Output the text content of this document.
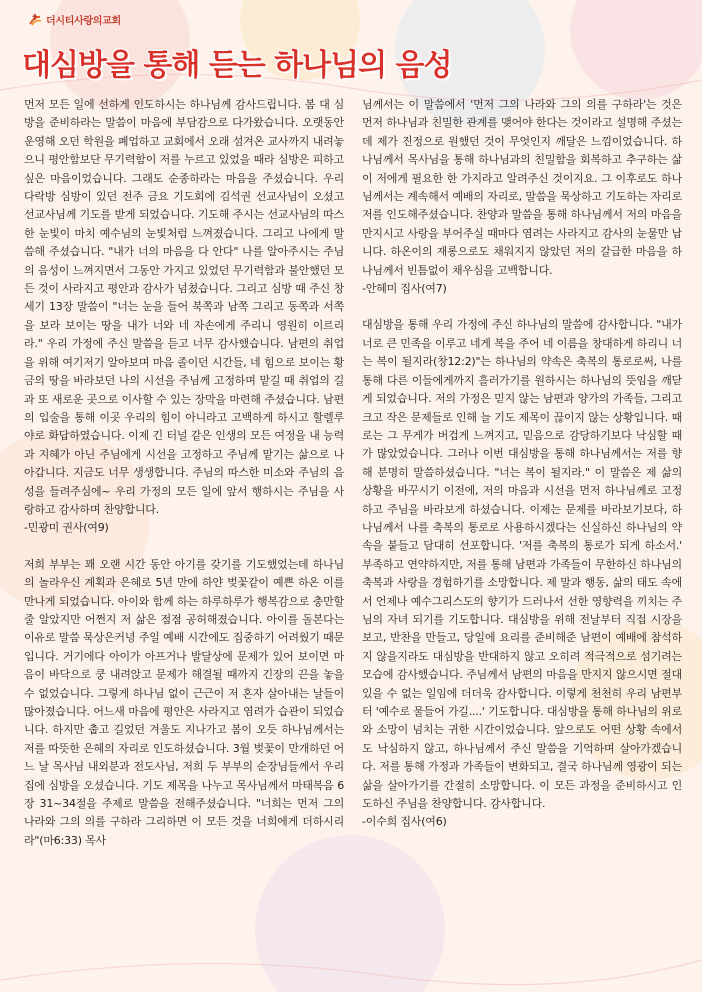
더시티사랑의교회
대심방을 통해 듣는 하나님의 음성

먼저 모든 일에 선하게 인도하시는 하나님께 감사드립니다. 봄 대 심방을 준비하라는 말씀이 마음에 부담감으로 다가왔습니다. 오랫동안 운영해 오던 학원을 폐업하고 교회에서 오래 섬겨온 교사까지 내려놓으니 평안함보단 무기력함이 저를 누르고 있었을 때라 심방은 피하고 싶은 마음이었습니다. 그래도 순종하라는 마음을 주셨습니다. 우리 다락방 심방이 있던 전주 금요 기도회에 김석권 선교사님이 오셨고 선교사님께 기도를 받게 되었습니다. 기도해 주시는 선교사님의 따스한 눈빛이 마치 예수님의 눈빛처럼 느껴졌습니다. 그리고 나에게 말씀해 주셨습니다. "내가 너의 마음을 다 안다" 나를 알아주시는 주님의 음성이 느껴지면서 그동안 가지고 있었던 무기력함과 불안했던 모든 것이 사라지고 평안과 감사가 넘쳤습니다. 그리고 심방 때 주신 창세기 13장 말씀이 "너는 눈을 들어 북쪽과 남쪽 그리고 동쪽과 서쪽을 보라 보이는 땅을 내가 너와 네 자손에게 주리니 영원히 이르리라." 우리 가정에 주신 말씀을 듣고 너무 감사했습니다. 남편의 취업을 위해 여기저기 알아보며 마음 졸이던 시간들, 네 힘으로 보이는 황금의 땅을 바라보던 나의 시선을 주님께 고정하며 맡길 때 취업의 길과 또 새로운 곳으로 이사할 수 있는 장막을 마련해 주셨습니다. 남편의 입술을 통해 이곳 우리의 힘이 아니라고 고백하게 하시고 할렐루야로 화답하였습니다. 이제 긴 터널 같은 인생의 모든 여정을 내 능력과 지혜가 아닌 주님에게 시선을 고정하고 주님께 맡기는 삶으로 나아갑니다. 지금도 너무 생생합니다. 주님의 따스한 미소와 주님의 음성을 들려주심에~ 우리 가정의 모든 일에 앞서 행하시는 주님을 사랑하고 감사하며 찬양합니다.

-민광미 권사(여9)

저희 부부는 꽤 오랜 시간 동안 아기를 갖기를 기도했었는데 하나님의 놀라우신 계획과 은혜로 5년 만에 하얀 벚꽃같이 예쁜 하온 이를 만나게 되었습니다. 아이와 함께 하는 하루하루가 행복감으로 충만할 줄 알았지만 어쩐지 저 삶은 점점 공허해졌습니다. 아이를 돌본다는 이유로 말씀 묵상은커녕 주일 예배 시간에도 집중하기 어려웠기 때문입니다. 거기에다 아이가 아프거나 발달상에 문제가 있어 보이면 마음이 바닥으로 쿵 내려앉고 문제가 해결될 때까지 긴장의 끈을 놓을 수 없었습니다. 그렇게 하나님 없이 근근이 저 혼자 살아내는 날들이 많아졌습니다. 어느새 마음에 평안은 사라지고 염려가 습관이 되었습니다. 하지만 춥고 길었던 겨울도 지나가고 봄이 오듯 하나님께서는 저를 따뜻한 은혜의 자리로 인도하셨습니다. 3월 벚꽃이 만개하던 어느 날 목사님 내외분과 전도사님, 저희 두 부부의 순장님들께서 우리 집에 심방을 오셨습니다. 기도 제목을 나누고 목사님께서 마태복음 6장 31~34절을 주제로 말씀을 전해주셨습니다. "너희는 먼저 그의 나라와 그의 의를 구하라 그리하면 이 모든 것을 너희에게 더하시리라"(마6:33) 목사

님께서는 이 말씀에서 '먼저 그의 나라와 그의 의를 구하라'는 것은 먼저 하나님과 친밀한 관계를 맺어야 한다는 것이라고 설명해 주셨는데 제가 진정으로 원했던 것이 무엇인지 깨달은 느낌이었습니다. 하나님께서 목사님을 통해 하나님과의 친밀함을 회복하고 추구하는 삶이 저에게 필요한 한 가지라고 알려주신 것이지요. 그 이후로도 하나님께서는 계속해서 예배의 자리로, 말씀을 묵상하고 기도하는 자리로 저를 인도해주셨습니다. 찬양과 말씀을 통해 하나님께서 저의 마음을 만지시고 사랑을 부어주실 때마다 염려는 사라지고 감사의 눈물만 납니다. 하온이의 재롱으로도 채워지지 않았던 저의 갈급한 마음을 하나님께서 빈틈없이 채우심을 고백합니다.

-안혜미 집사(여7)

대심방을 통해 우리 가정에 주신 하나님의 말씀에 감사합니다. "내가 너로 큰 민족을 이루고 네게 복을 주어 네 이름을 창대하게 하리니 너는 복이 될지라(창12:2)"는 하나님의 약속은 축복의 통로로써, 나를 통해 다른 이들에게까지 흘러가기를 원하시는 하나님의 뜻임을 깨닫게 되었습니다. 저의 가정은 믿지 않는 남편과 양가의 가족들, 그리고 크고 작은 문제들로 인해 늘 기도 제목이 끊이지 않는 상황입니다. 때로는 그 무게가 버겁게 느껴지고, 믿음으로 감당하기보다 낙심할 때가 많았었습니다. 그러나 이번 대심방을 통해 하나님께서는 저를 향해 분명히 말씀하셨습니다. "너는 복이 될지라." 이 말씀은 제 삶의 상황을 바꾸시기 이전에, 저의 마음과 시선을 먼저 하나님께로 고정하고 주님을 바라보게 하셨습니다. 이제는 문제를 바라보기보다, 하나님께서 나를 축복의 통로로 사용하시겠다는 신실하신 하나님의 약속을 붙들고 담대히 선포합니다. '저를 축복의 통로가 되게 하소서.' 부족하고 연약하지만, 저를 통해 남편과 가족들이 무한하신 하나님의 축복과 사랑을 경험하기를 소망합니다. 제 말과 행동, 삶의 태도 속에서 언제나 예수그리스도의 향기가 드러나서 선한 영향력을 끼치는 주님의 자녀 되기를 기도합니다. 대심방을 위해 전날부터 직접 시장을 보고, 반찬을 만들고, 당일에 요리를 준비해준 남편이 예배에 참석하지 않을지라도 대심방을 반대하지 않고 오히려 적극적으로 섬기려는 모습에 감사했습니다. 주님께서 남편의 마음을 만지지 않으시면 절대 있을 수 없는 일임에 더더욱 감사합니다. 이렇게 천천히 우리 남편부터 '예수로 물들어 가길....' 기도합니다. 대심방을 통해 하나님의 위로와 소망이 넘치는 귀한 시간이었습니다. 앞으로도 어떤 상황 속에서도 낙심하지 않고, 하나님께서 주신 말씀을 기억하며 살아가겠습니다. 저를 통해 가정과 가족들이 변화되고, 결국 하나님께 영광이 되는 삶을 살아가기를 간절히 소망합니다. 이 모든 과정을 준비하시고 인도하신 주님을 찬양합니다. 감사합니다.

-이수희 집사(여6)
